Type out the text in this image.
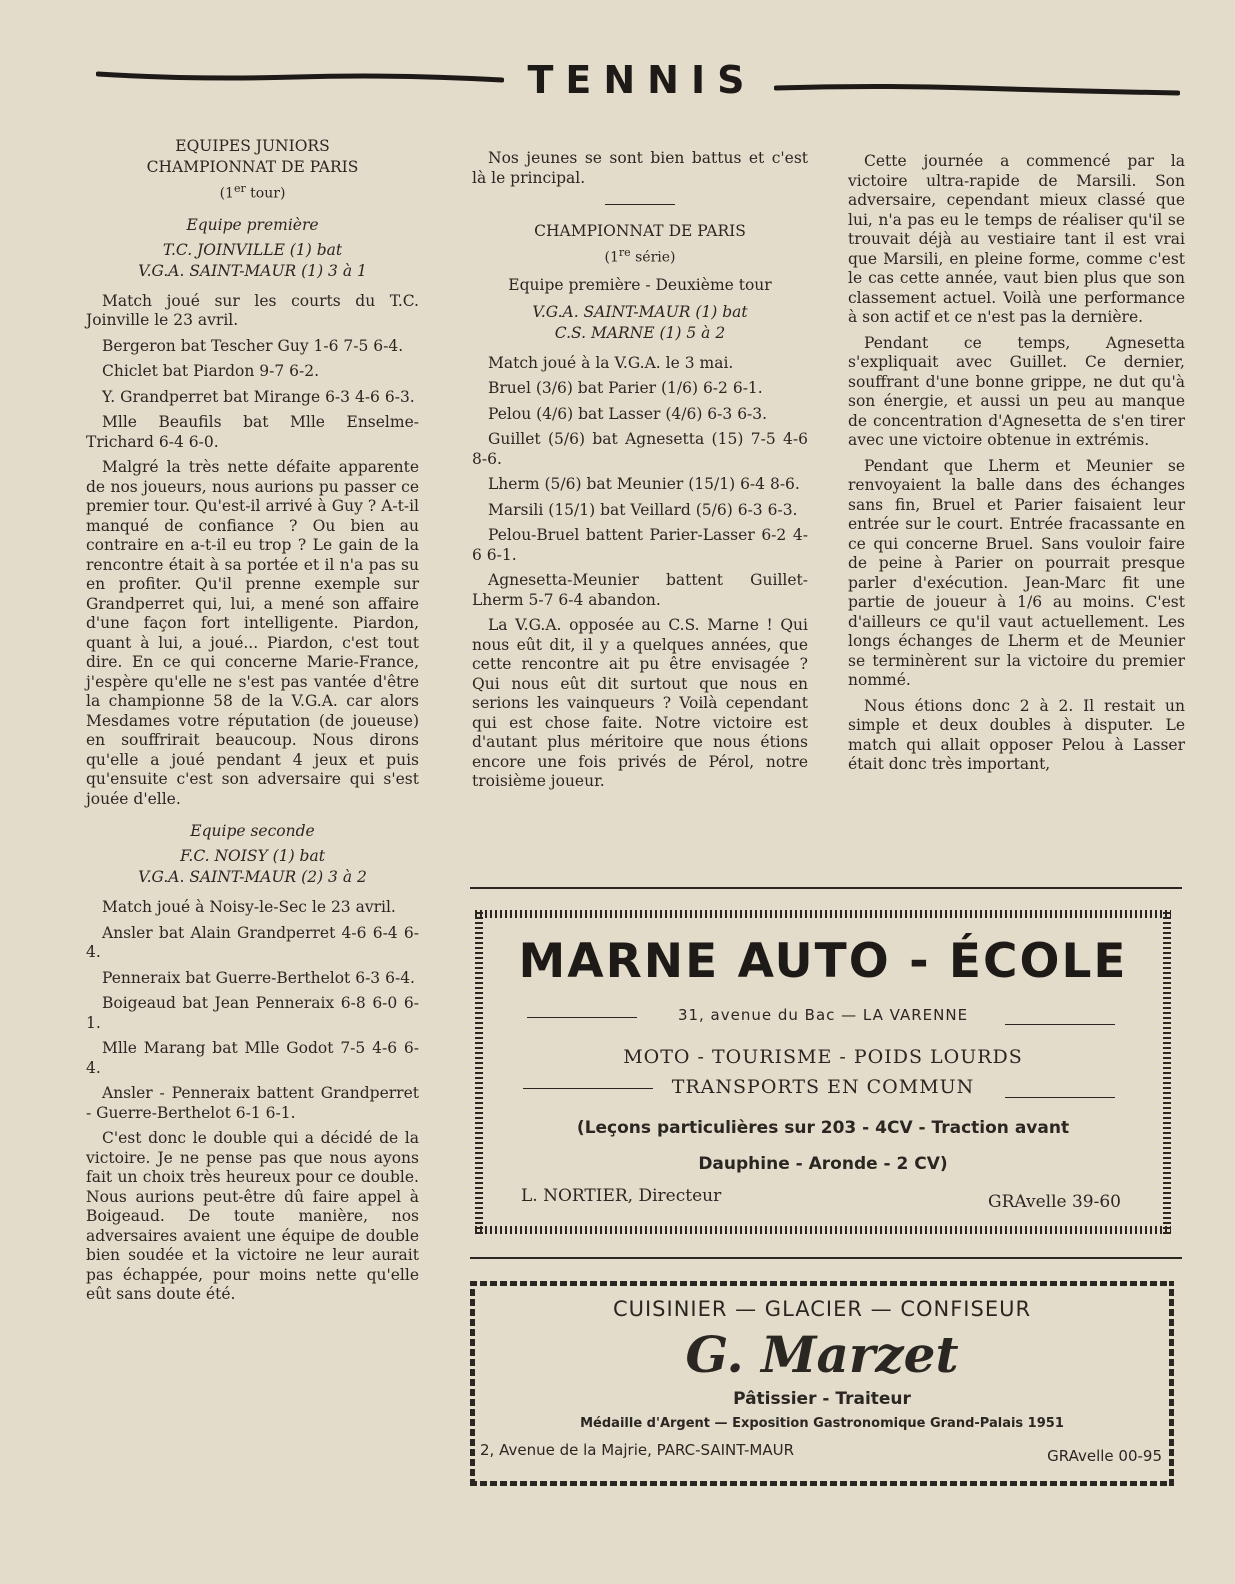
TENNIS
EQUIPES JUNIORS
CHAMPIONNAT DE PARIS
(1er tour)
Equipe première
T.C. JOINVILLE (1) bat
V.G.A. SAINT-MAUR (1) 3 à 1

Match joué sur les courts du T.C. Joinville le 23 avril.

Bergeron bat Tescher Guy 1-6 7-5 6-4.

Chiclet bat Piardon 9-7 6-2.

Y. Grandperret bat Mirange 6-3 4-6 6-3.

Mlle Beaufils bat Mlle Enselme-Trichard 6-4 6-0.

Malgré la très nette défaite apparente de nos joueurs, nous aurions pu passer ce premier tour. Qu'est-il arrivé à Guy ? A-t-il manqué de confiance ? Ou bien au contraire en a-t-il eu trop ? Le gain de la rencontre était à sa portée et il n'a pas su en profiter. Qu'il prenne exemple sur Grandperret qui, lui, a mené son affaire d'une façon fort intelligente. Piardon, quant à lui, a joué... Piardon, c'est tout dire. En ce qui concerne Marie-France, j'espère qu'elle ne s'est pas vantée d'être la championne 58 de la V.G.A. car alors Mesdames votre réputation (de joueuse) en souffrirait beaucoup. Nous dirons qu'elle a joué pendant 4 jeux et puis qu'ensuite c'est son adversaire qui s'est jouée d'elle.

Equipe seconde
F.C. NOISY (1) bat
V.G.A. SAINT-MAUR (2) 3 à 2

Match joué à Noisy-le-Sec le 23 avril.

Ansler bat Alain Grandperret 4-6 6-4 6-4.

Penneraix bat Guerre-Berthelot 6-3 6-4.

Boigeaud bat Jean Penneraix 6-8 6-0 6-1.

Mlle Marang bat Mlle Godot 7-5 4-6 6-4.

Ansler - Penneraix battent Grandperret - Guerre-Berthelot 6-1 6-1.

C'est donc le double qui a décidé de la victoire. Je ne pense pas que nous ayons fait un choix très heureux pour ce double. Nous aurions peut-être dû faire appel à Boigeaud. De toute manière, nos adversaires avaient une équipe de double bien soudée et la victoire ne leur aurait pas échappée, pour moins nette qu'elle eût sans doute été.

Nos jeunes se sont bien battus et c'est là le principal.

CHAMPIONNAT DE PARIS
(1re série)
Equipe première - Deuxième tour
V.G.A. SAINT-MAUR (1) bat
C.S. MARNE (1) 5 à 2

Match joué à la V.G.A. le 3 mai.

Bruel (3/6) bat Parier (1/6) 6-2 6-1.

Pelou (4/6) bat Lasser (4/6) 6-3 6-3.

Guillet (5/6) bat Agnesetta (15) 7-5 4-6 8-6.

Lherm (5/6) bat Meunier (15/1) 6-4 8-6.

Marsili (15/1) bat Veillard (5/6) 6-3 6-3.

Pelou-Bruel battent Parier-Lasser 6-2 4-6 6-1.

Agnesetta-Meunier battent Guillet-Lherm 5-7 6-4 abandon.

La V.G.A. opposée au C.S. Marne ! Qui nous eût dit, il y a quelques années, que cette rencontre ait pu être envisagée ? Qui nous eût dit surtout que nous en serions les vainqueurs ? Voilà cependant qui est chose faite. Notre victoire est d'autant plus méritoire que nous étions encore une fois privés de Pérol, notre troisième joueur.

Cette journée a commencé par la victoire ultra-rapide de Marsili. Son adversaire, cependant mieux classé que lui, n'a pas eu le temps de réaliser qu'il se trouvait déjà au vestiaire tant il est vrai que Marsili, en pleine forme, comme c'est le cas cette année, vaut bien plus que son classement actuel. Voilà une performance à son actif et ce n'est pas la dernière.

Pendant ce temps, Agnesetta s'expliquait avec Guillet. Ce dernier, souffrant d'une bonne grippe, ne dut qu'à son énergie, et aussi un peu au manque de concentration d'Agnesetta de s'en tirer avec une victoire obtenue in extrémis.

Pendant que Lherm et Meunier se renvoyaient la balle dans des échanges sans fin, Bruel et Parier faisaient leur entrée sur le court. Entrée fracassante en ce qui concerne Bruel. Sans vouloir faire de peine à Parier on pourrait presque parler d'exécution. Jean-Marc fit une partie de joueur à 1/6 au moins. C'est d'ailleurs ce qu'il vaut actuellement. Les longs échanges de Lherm et de Meunier se terminèrent sur la victoire du premier nommé.

Nous étions donc 2 à 2. Il restait un simple et deux doubles à disputer. Le match qui allait opposer Pelou à Lasser était donc très important,

MARNE AUTO - ÉCOLE
31, avenue du Bac — LA VARENNE
MOTO - TOURISME - POIDS LOURDS
TRANSPORTS EN COMMUN
(Leçons particulières sur 203 - 4CV - Traction avant
Dauphine - Aronde - 2 CV)
L. NORTIER, Directeur	GRAvelle 39-60
CUISINIER — GLACIER — CONFISEUR
G. Marzet
Pâtissier - Traiteur
Médaille d'Argent — Exposition Gastronomique Grand-Palais 1951
2, Avenue de la Majrie, PARC-SAINT-MAUR	GRAvelle 00-95
